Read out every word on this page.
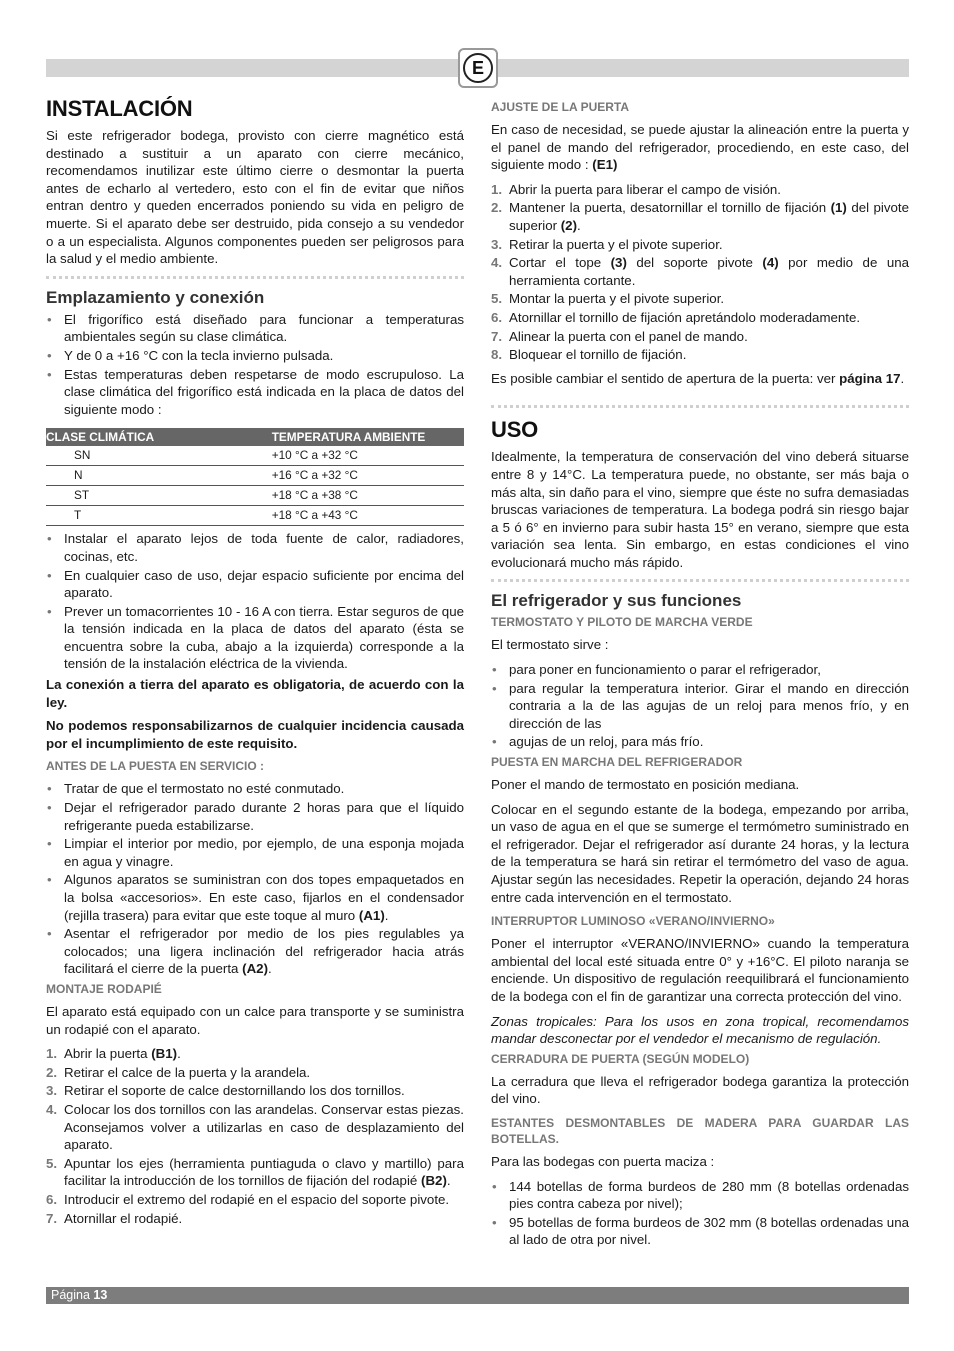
E
INSTALACIÓN

Si este refrigerador bodega, provisto con cierre magnético está destinado a sustituir a un aparato con cierre mecánico, recomendamos inutilizar este último cierre o desmontar la puerta antes de echarlo al vertedero, esto con el fin de evitar que niños entran dentro y queden encerrados poniendo su vida en peligro de muerte. Si el aparato debe ser destruido, pida consejo a su vendedor o a un especialista. Algunos componentes pueden ser peligrosos para la salud y el medio ambiente.

Emplazamiento y conexión
• El frigorífico está diseñado para funcionar a temperaturas ambientales según su clase climática.
• Y de 0 a +16 °C con la tecla invierno pulsada.
• Estas temperaturas deben respetarse de modo escrupuloso. La clase climática del frigorífico está indicada en la placa de datos del siguiente modo :
CLASE CLIMÁTICA	TEMPERATURA AMBIENTE
SN	+10 °C a +32 °C
N	+16 °C a +32 °C
ST	+18 °C a +38 °C
T	+18 °C a +43 °C
• Instalar el aparato lejos de toda fuente de calor, radiadores, cocinas, etc.
• En cualquier caso de uso, dejar espacio suficiente por encima del aparato.
• Prever un tomacorrientes 10 - 16 A con tierra. Estar seguros de que la tensión indicada en la placa de datos del aparato (ésta se encuentra sobre la cuba, abajo a la izquierda) corresponde a la tensión de la instalación eléctrica de la vivienda.

La conexión a tierra del aparato es obligatoria, de acuerdo con la ley.

No podemos responsabilizarnos de cualquier incidencia causada por el incumplimiento de este requisito.

ANTES DE LA PUESTA EN SERVICIO :
• Tratar de que el termostato no esté conmutado.
• Dejar el refrigerador parado durante 2 horas para que el líquido refrigerante pueda estabilizarse.
• Limpiar el interior por medio, por ejemplo, de una esponja mojada en agua y vinagre.
• Algunos aparatos se suministran con dos topes empaquetados en la bolsa «accesorios». En este caso, fijarlos en el condensador (rejilla trasera) para evitar que este toque al muro (A1).
• Asentar el refrigerador por medio de los pies regulables ya colocados; una ligera inclinación del refrigerador hacia atrás facilitará el cierre de la puerta (A2).
MONTAJE RODAPIÉ

El aparato está equipado con un calce para transporte y se suministra un rodapié con el aparato.

1. Abrir la puerta (B1).
2. Retirar el calce de la puerta y la arandela.
3. Retirar el soporte de calce destornillando los dos tornillos.
4. Colocar los dos tornillos con las arandelas. Conservar estas piezas. Aconsejamos volver a utilizarlas en caso de desplazamiento del aparato.
5. Apuntar los ejes (herramienta puntiaguda o clavo y martillo) para facilitar la introducción de los tornillos de fijación del rodapié (B2).
6. Introducir el extremo del rodapié en el espacio del soporte pivote.
7. Atornillar el rodapié.
AJUSTE DE LA PUERTA

En caso de necesidad, se puede ajustar la alineación entre la puerta y el panel de mando del refrigerador, procediendo, en este caso, del siguiente modo : (E1)

1. Abrir la puerta para liberar el campo de visión.
2. Mantener la puerta, desatornillar el tornillo de fijación (1) del pivote superior (2).
3. Retirar la puerta y el pivote superior.
4. Cortar el tope (3) del soporte pivote (4) por medio de una herramienta cortante.
5. Montar la puerta y el pivote superior.
6. Atornillar el tornillo de fijación apretándolo moderadamente.
7. Alinear la puerta con el panel de mando.
8. Bloquear el tornillo de fijación.

Es posible cambiar el sentido de apertura de la puerta: ver página 17.

USO

Idealmente, la temperatura de conservación del vino deberá situarse entre 8 y 14°C. La temperatura puede, no obstante, ser más baja o más alta, sin daño para el vino, siempre que éste no sufra demasiadas bruscas variaciones de temperatura. La bodega podrá sin riesgo bajar a 5 ó 6° en invierno para subir hasta 15° en verano, siempre que esta variación sea lenta. Sin embargo, en estas condiciones el vino evolucionará mucho más rápido.

El refrigerador y sus funciones
TERMOSTATO Y PILOTO DE MARCHA VERDE

El termostato sirve :

• para poner en funcionamiento o parar el refrigerador,
• para regular la temperatura interior. Girar el mando en dirección contraria a la de las agujas de un reloj para menos frío, y en dirección de las
• agujas de un reloj, para más frío.
PUESTA EN MARCHA DEL REFRIGERADOR

Poner el mando de termostato en posición mediana.

Colocar en el segundo estante de la bodega, empezando por arriba, un vaso de agua en el que se sumerge el termómetro suministrado en el refrigerador. Dejar el refrigerador así durante 24 horas, y la lectura de la temperatura se hará sin retirar el termómetro del vaso de agua. Ajustar según las necesidades. Repetir la operación, dejando 24 horas entre cada intervención en el termostato.

INTERRUPTOR LUMINOSO «VERANO/INVIERNO»

Poner el interruptor «VERANO/INVIERNO» cuando la temperatura ambiental del local esté situada entre 0° y +16°C. El piloto naranja se enciende. Un dispositivo de regulación reequilibrará el funcionamiento de la bodega con el fin de garantizar una correcta protección del vino.

Zonas tropicales: Para los usos en zona tropical, recomendamos mandar desconectar por el vendedor el mecanismo de regulación.

CERRADURA DE PUERTA (SEGÚN MODELO)

La cerradura que lleva el refrigerador bodega garantiza la protección del vino.

ESTANTES DESMONTABLES DE MADERA PARA GUARDAR LAS BOTELLAS.

Para las bodegas con puerta maciza :

• 144 botellas de forma burdeos de 280 mm (8 botellas ordenadas pies contra cabeza por nivel);
• 95 botellas de forma burdeos de 302 mm (8 botellas ordenadas una al lado de otra por nivel.
Página 13
